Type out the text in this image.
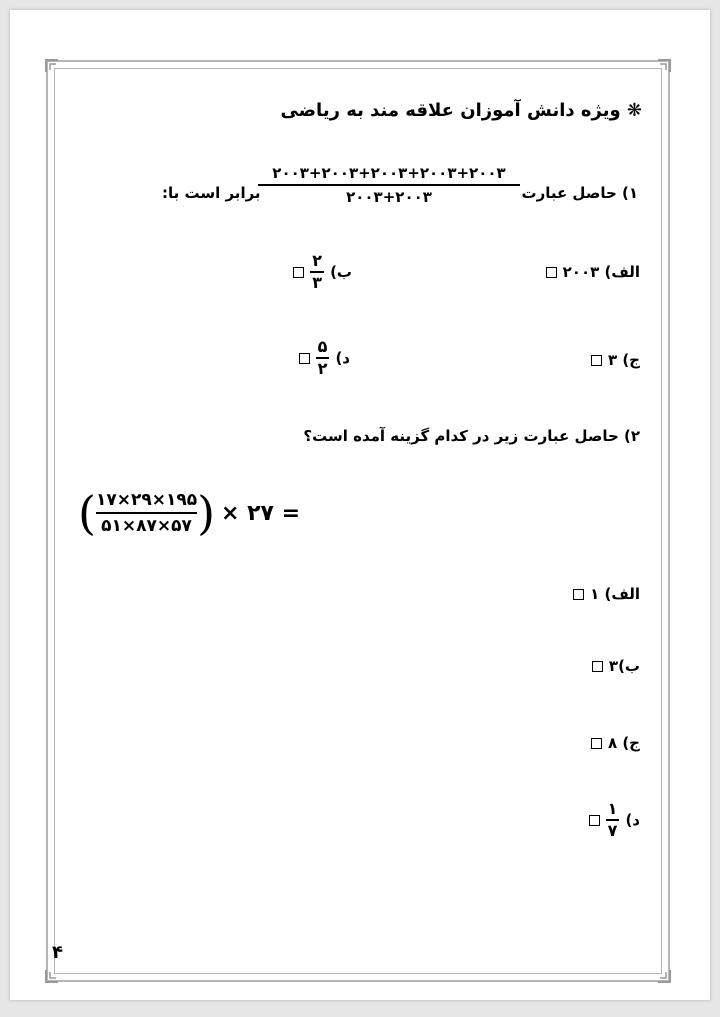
❋ ویژه دانش آموزان علاقه مند به ریاضی
۱) حاصل عبارت
۲۰۰۳+۲۰۰۳+۲۰۰۳+۲۰۰۳+۲۰۰۳
۲۰۰۳+۲۰۰۳
برابر است با:
الف) ۲۰۰۳
ب)
$\frac{۲}{۳}$
ج) ۳
د)
$\frac{۵}{۲}$
۲) حاصل عبارت زیر در کدام گزینه آمده است؟
( ۱۷×۲۹×۱۹۵
۵۱×۸۷×۵۷ ) × ۲۷ =
الف) ۱
ب)۳
ج) ۸
د)
$\frac{۱}{۷}$
۴
